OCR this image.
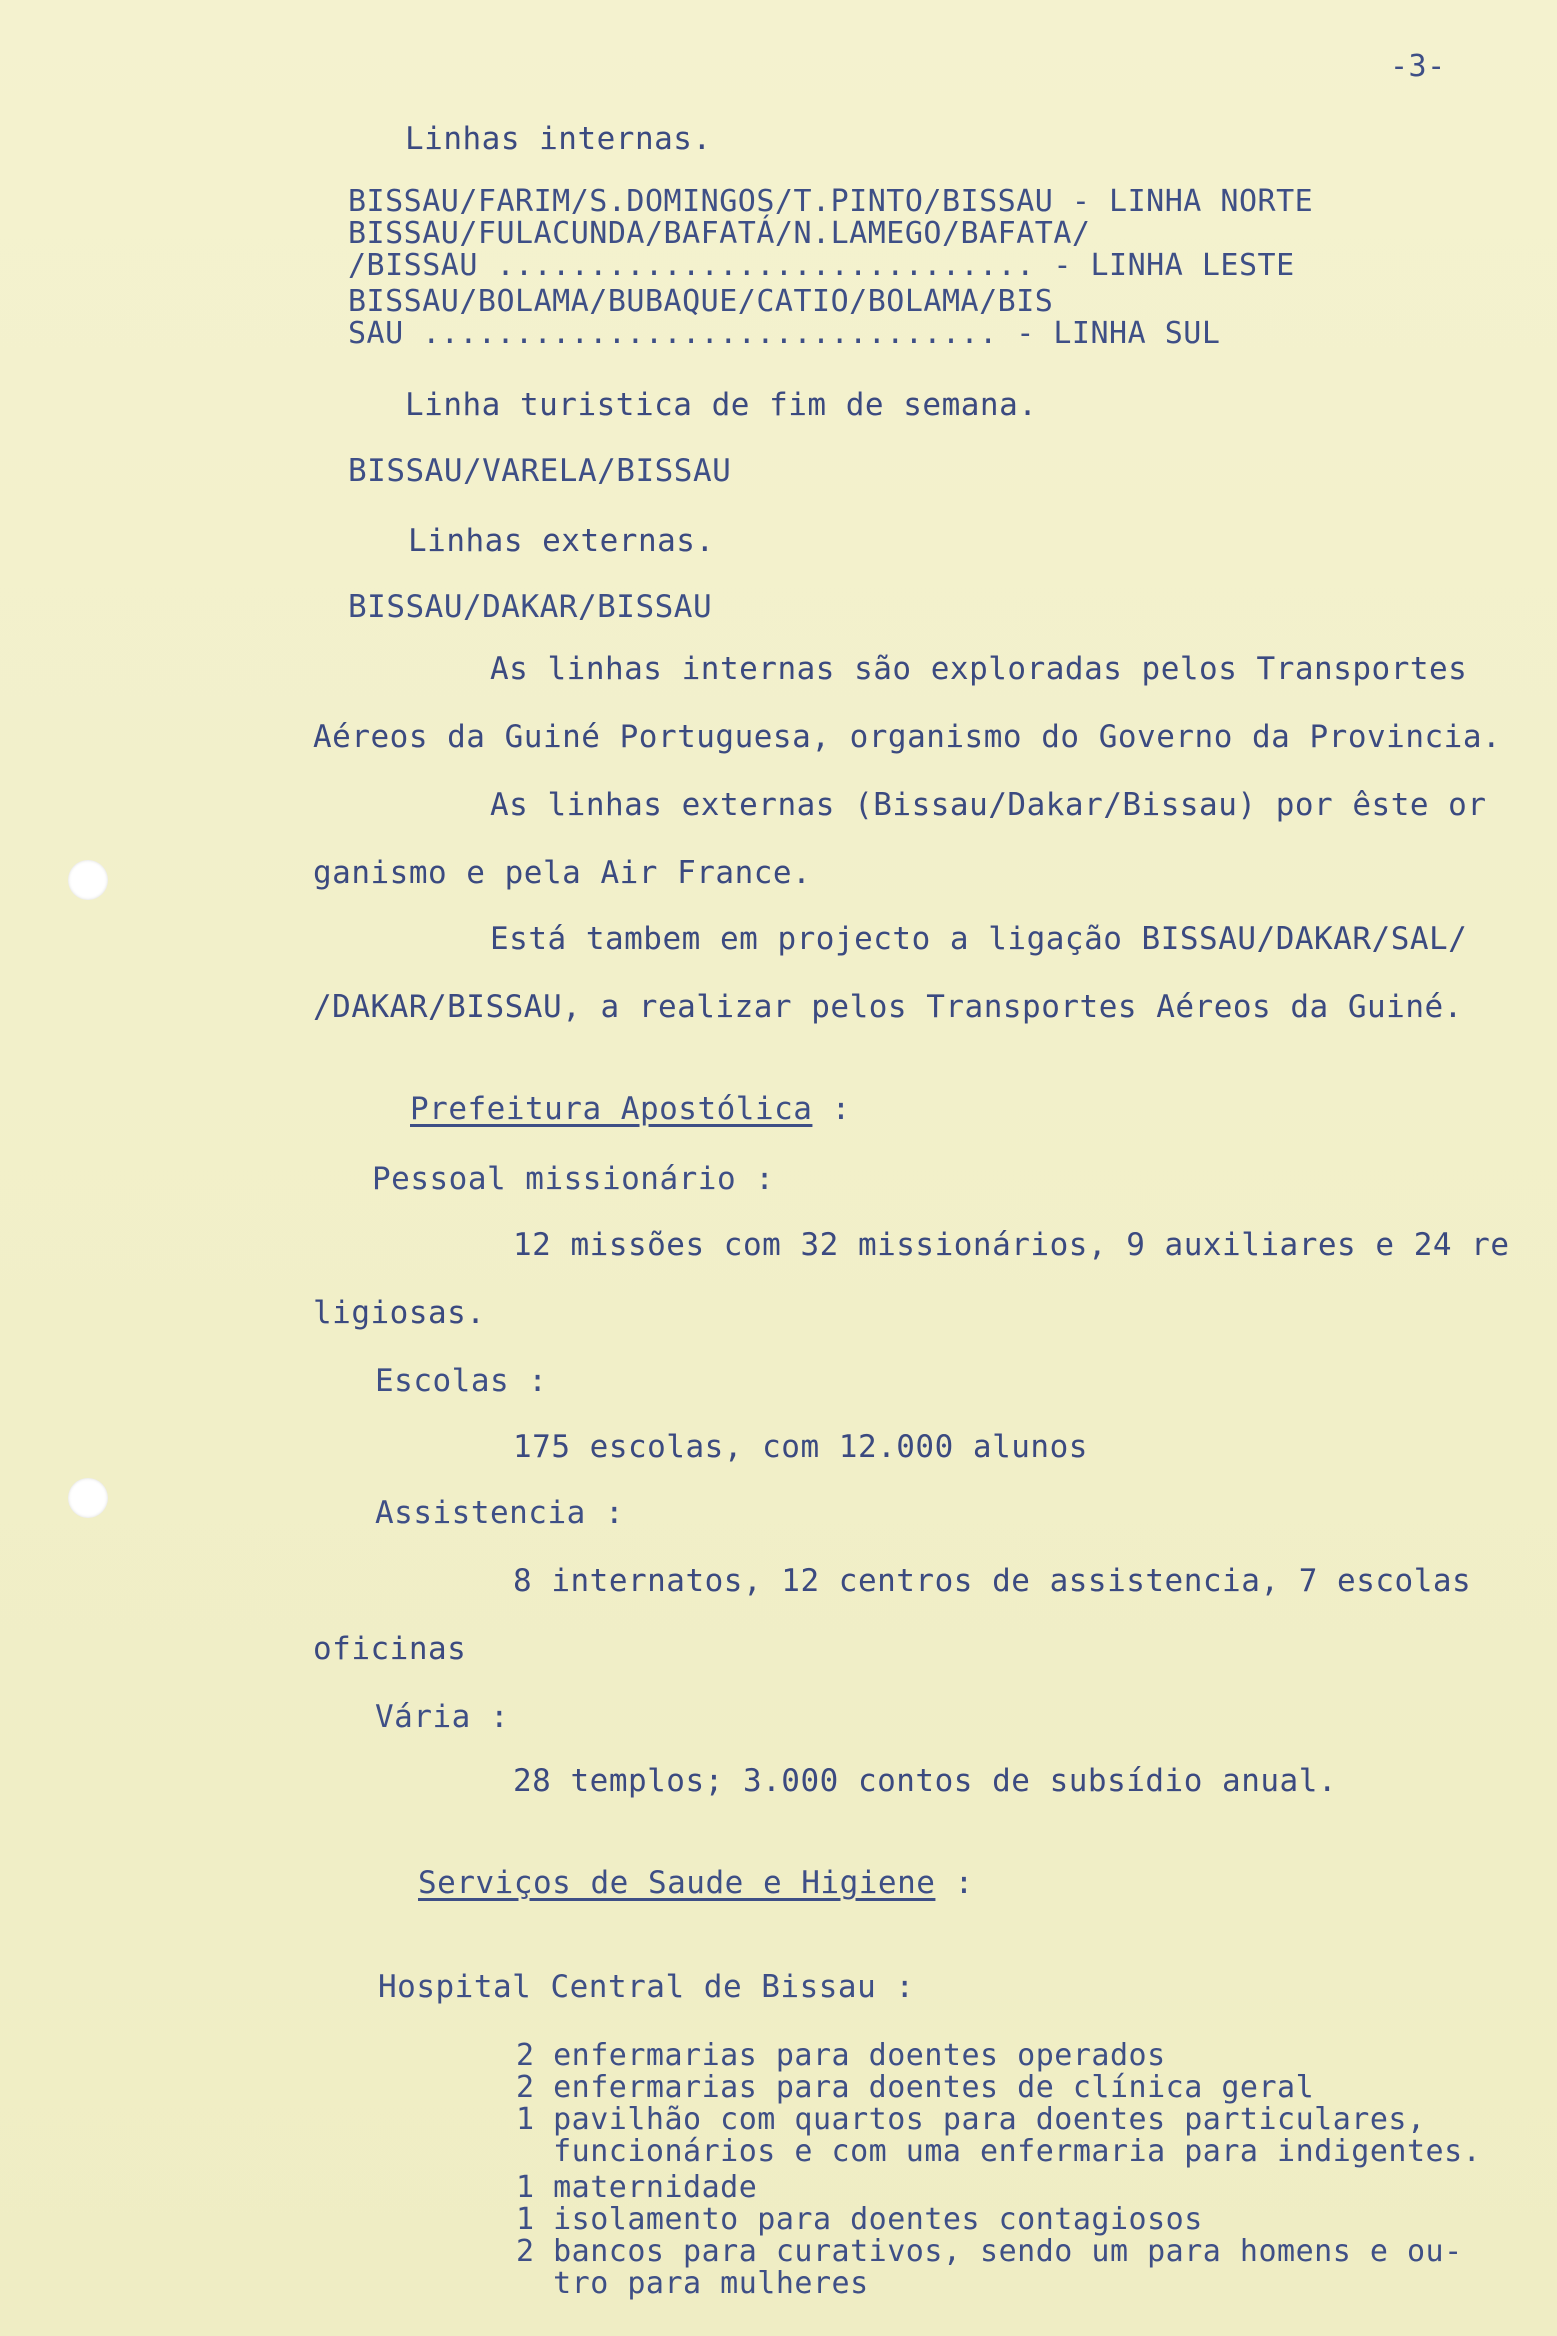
-3-
Linhas internas.
BISSAU/FARIM/S.DOMINGOS/T.PINTO/BISSAU - LINHA NORTE
BISSAU/FULACUNDA/BAFATÁ/N.LAMEGO/BAFATA/
/BISSAU ............................. - LINHA LESTE
BISSAU/BOLAMA/BUBAQUE/CATIO/BOLAMA/BIS
SAU ............................... - LINHA SUL
Linha turistica de fim de semana.
BISSAU/VARELA/BISSAU
Linhas externas.
BISSAU/DAKAR/BISSAU
As linhas internas são exploradas pelos Transportes
Aéreos da Guiné Portuguesa, organismo do Governo da Provincia.
As linhas externas (Bissau/Dakar/Bissau) por êste or
ganismo e pela Air France.
Está tambem em projecto a ligação BISSAU/DAKAR/SAL/
/DAKAR/BISSAU, a realizar pelos Transportes Aéreos da Guiné.
Prefeitura Apostólica :
Pessoal missionário :
12 missões com 32 missionários, 9 auxiliares e 24 re
ligiosas.
Escolas :
175 escolas, com 12.000 alunos
Assistencia :
8 internatos, 12 centros de assistencia, 7 escolas
oficinas
Vária :
28 templos; 3.000 contos de subsídio anual.
Serviços de Saude e Higiene :
Hospital Central de Bissau :
2 enfermarias para doentes operados
2 enfermarias para doentes de clínica geral
1 pavilhão com quartos para doentes particulares,
funcionários e com uma enfermaria para indigentes.
1 maternidade
1 isolamento para doentes contagiosos
2 bancos para curativos, sendo um para homens e ou-
tro para mulheres
